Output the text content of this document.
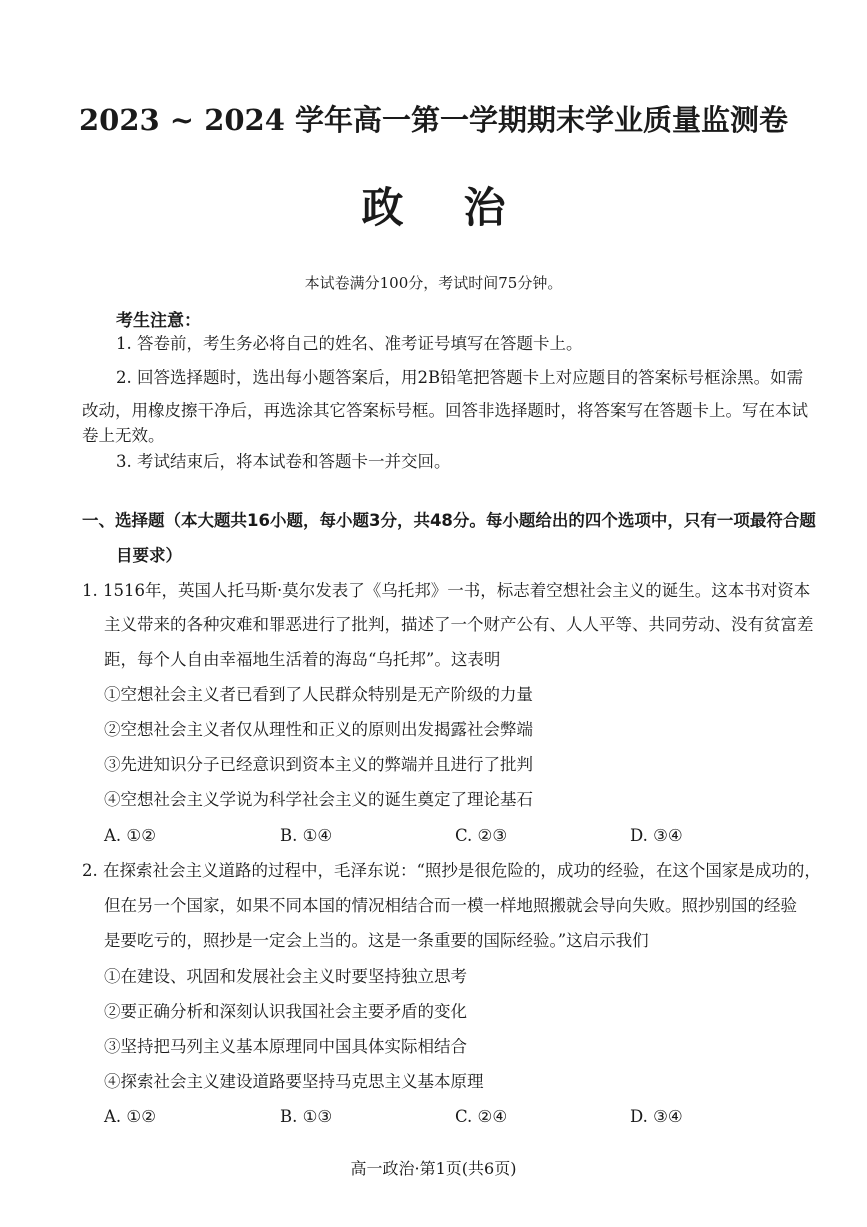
2023 ~ 2024 学年高一第一学期期末学业质量监测卷
政治
本试卷满分100分，考试时间75分钟。
考生注意：
1. 答卷前，考生务必将自己的姓名、准考证号填写在答题卡上。
2. 回答选择题时，选出每小题答案后，用2B铅笔把答题卡上对应题目的答案标号框涂黑。如需
改动，用橡皮擦干净后，再选涂其它答案标号框。回答非选择题时，将答案写在答题卡上。写在本试
卷上无效。
3. 考试结束后，将本试卷和答题卡一并交回。
一、选择题（本大题共16小题，每小题3分，共48分。每小题给出的四个选项中，只有一项最符合题
目要求）
1. 1516年，英国人托马斯·莫尔发表了《乌托邦》一书，标志着空想社会主义的诞生。这本书对资本
主义带来的各种灾难和罪恶进行了批判，描述了一个财产公有、人人平等、共同劳动、没有贫富差
距，每个人自由幸福地生活着的海岛“乌托邦”。这表明
①空想社会主义者已看到了人民群众特别是无产阶级的力量
②空想社会主义者仅从理性和正义的原则出发揭露社会弊端
③先进知识分子已经意识到资本主义的弊端并且进行了批判
④空想社会主义学说为科学社会主义的诞生奠定了理论基石
A. ①②	B. ①④	C. ②③	D. ③④
2. 在探索社会主义道路的过程中，毛泽东说：“照抄是很危险的，成功的经验，在这个国家是成功的，
但在另一个国家，如果不同本国的情况相结合而一模一样地照搬就会导向失败。照抄别国的经验
是要吃亏的，照抄是一定会上当的。这是一条重要的国际经验。”这启示我们
①在建设、巩固和发展社会主义时要坚持独立思考
②要正确分析和深刻认识我国社会主要矛盾的变化
③坚持把马列主义基本原理同中国具体实际相结合
④探索社会主义建设道路要坚持马克思主义基本原理
A. ①②	B. ①③	C. ②④	D. ③④
高一政治·第1页(共6页)
